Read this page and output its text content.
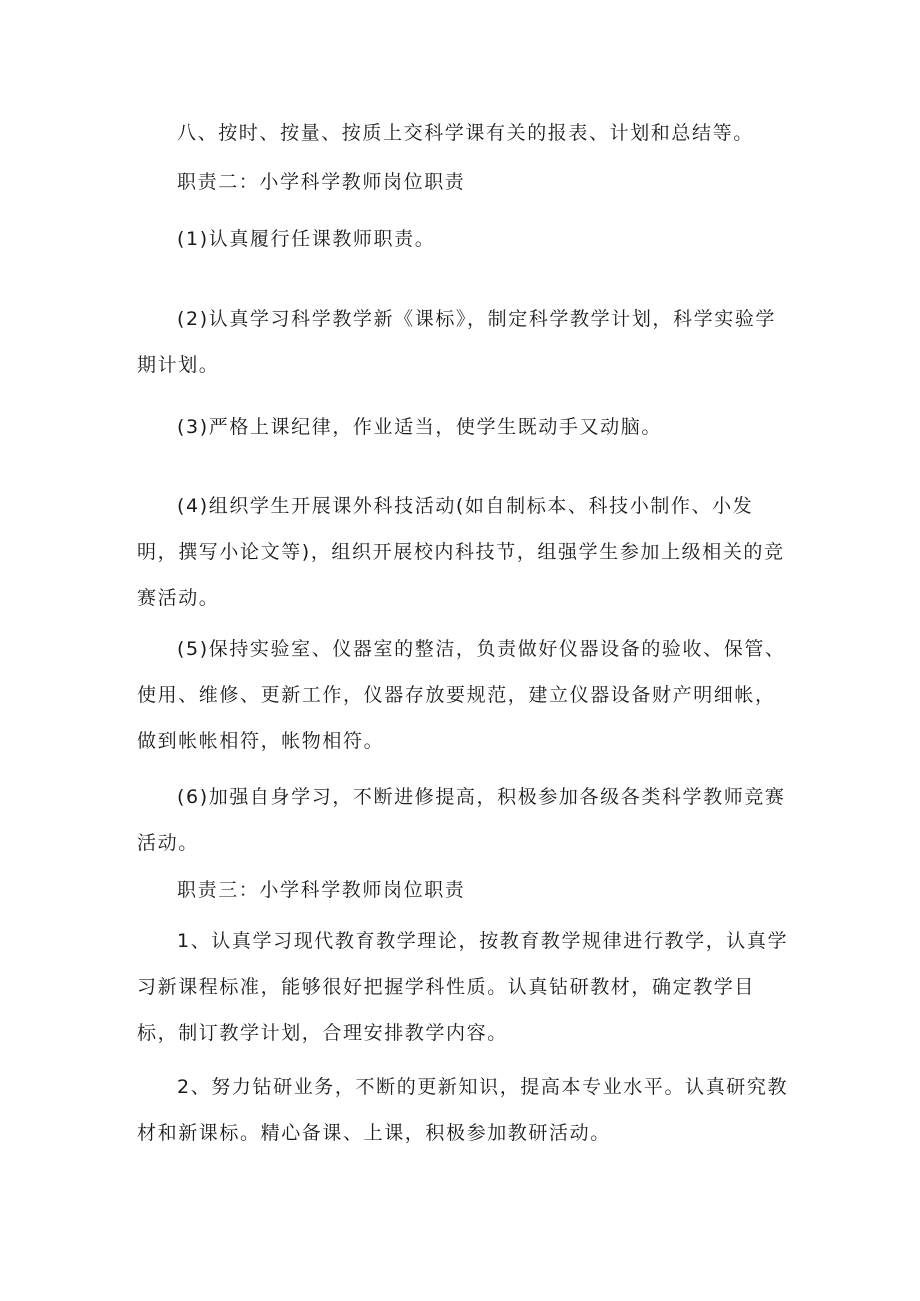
八、按时、按量、按质上交科学课有关的报表、计划和总结等。

职责二：小学科学教师岗位职责

(1)认真履行任课教师职责。

(2)认真学习科学教学新《课标》，制定科学教学计划，科学实验学期计划。

(3)严格上课纪律，作业适当，使学生既动手又动脑。

(4)组织学生开展课外科技活动(如自制标本、科技小制作、小发明，撰写小论文等)，组织开展校内科技节，组强学生参加上级相关的竞赛活动。

(5)保持实验室、仪器室的整洁，负责做好仪器设备的验收、保管、使用、维修、更新工作，仪器存放要规范，建立仪器设备财产明细帐，做到帐帐相符，帐物相符。

(6)加强自身学习，不断进修提高，积极参加各级各类科学教师竞赛活动。

职责三：小学科学教师岗位职责

1、认真学习现代教育教学理论，按教育教学规律进行教学，认真学习新课程标准，能够很好把握学科性质。认真钻研教材，确定教学目标，制订教学计划，合理安排教学内容。

2、努力钻研业务，不断的更新知识，提高本专业水平。认真研究教材和新课标。精心备课、上课，积极参加教研活动。
